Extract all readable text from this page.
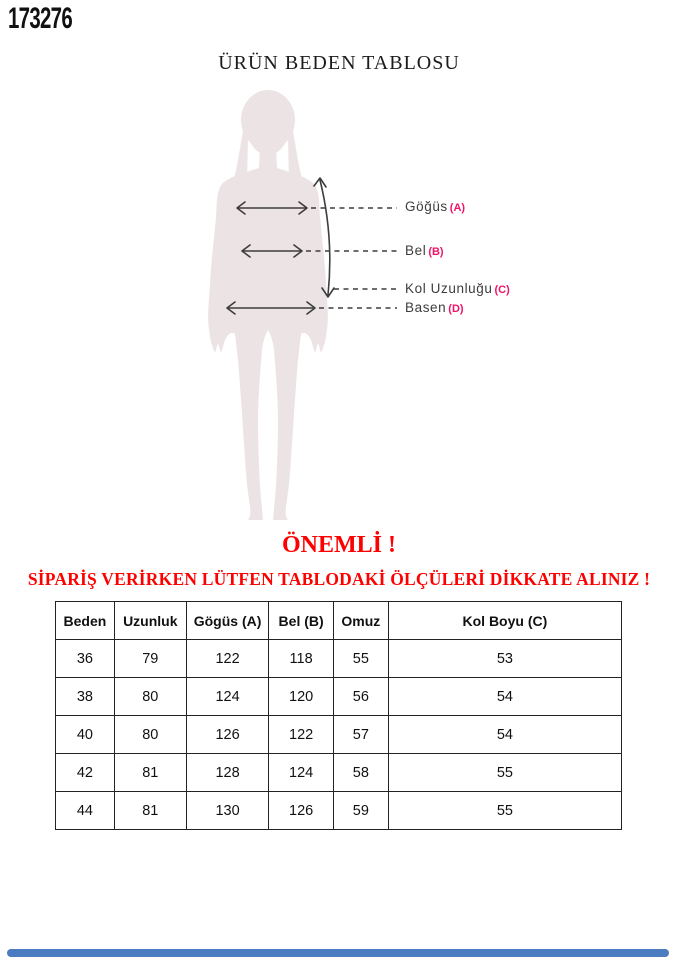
173276
ÜRÜN BEDEN TABLOSU
Göğüs (A)
Bel (B)
Kol Uzunluğu (C)
Basen (D)
ÖNEMLİ !
SİPARİŞ VERİRKEN LÜTFEN TABLODAKİ ÖLÇÜLERİ DİKKATE ALINIZ !
Beden	Uzunluk	Gögüs (A)	Bel (B)	Omuz	Kol Boyu (C)
36	79	122	118	55	53
38	80	124	120	56	54
40	80	126	122	57	54
42	81	128	124	58	55
44	81	130	126	59	55
